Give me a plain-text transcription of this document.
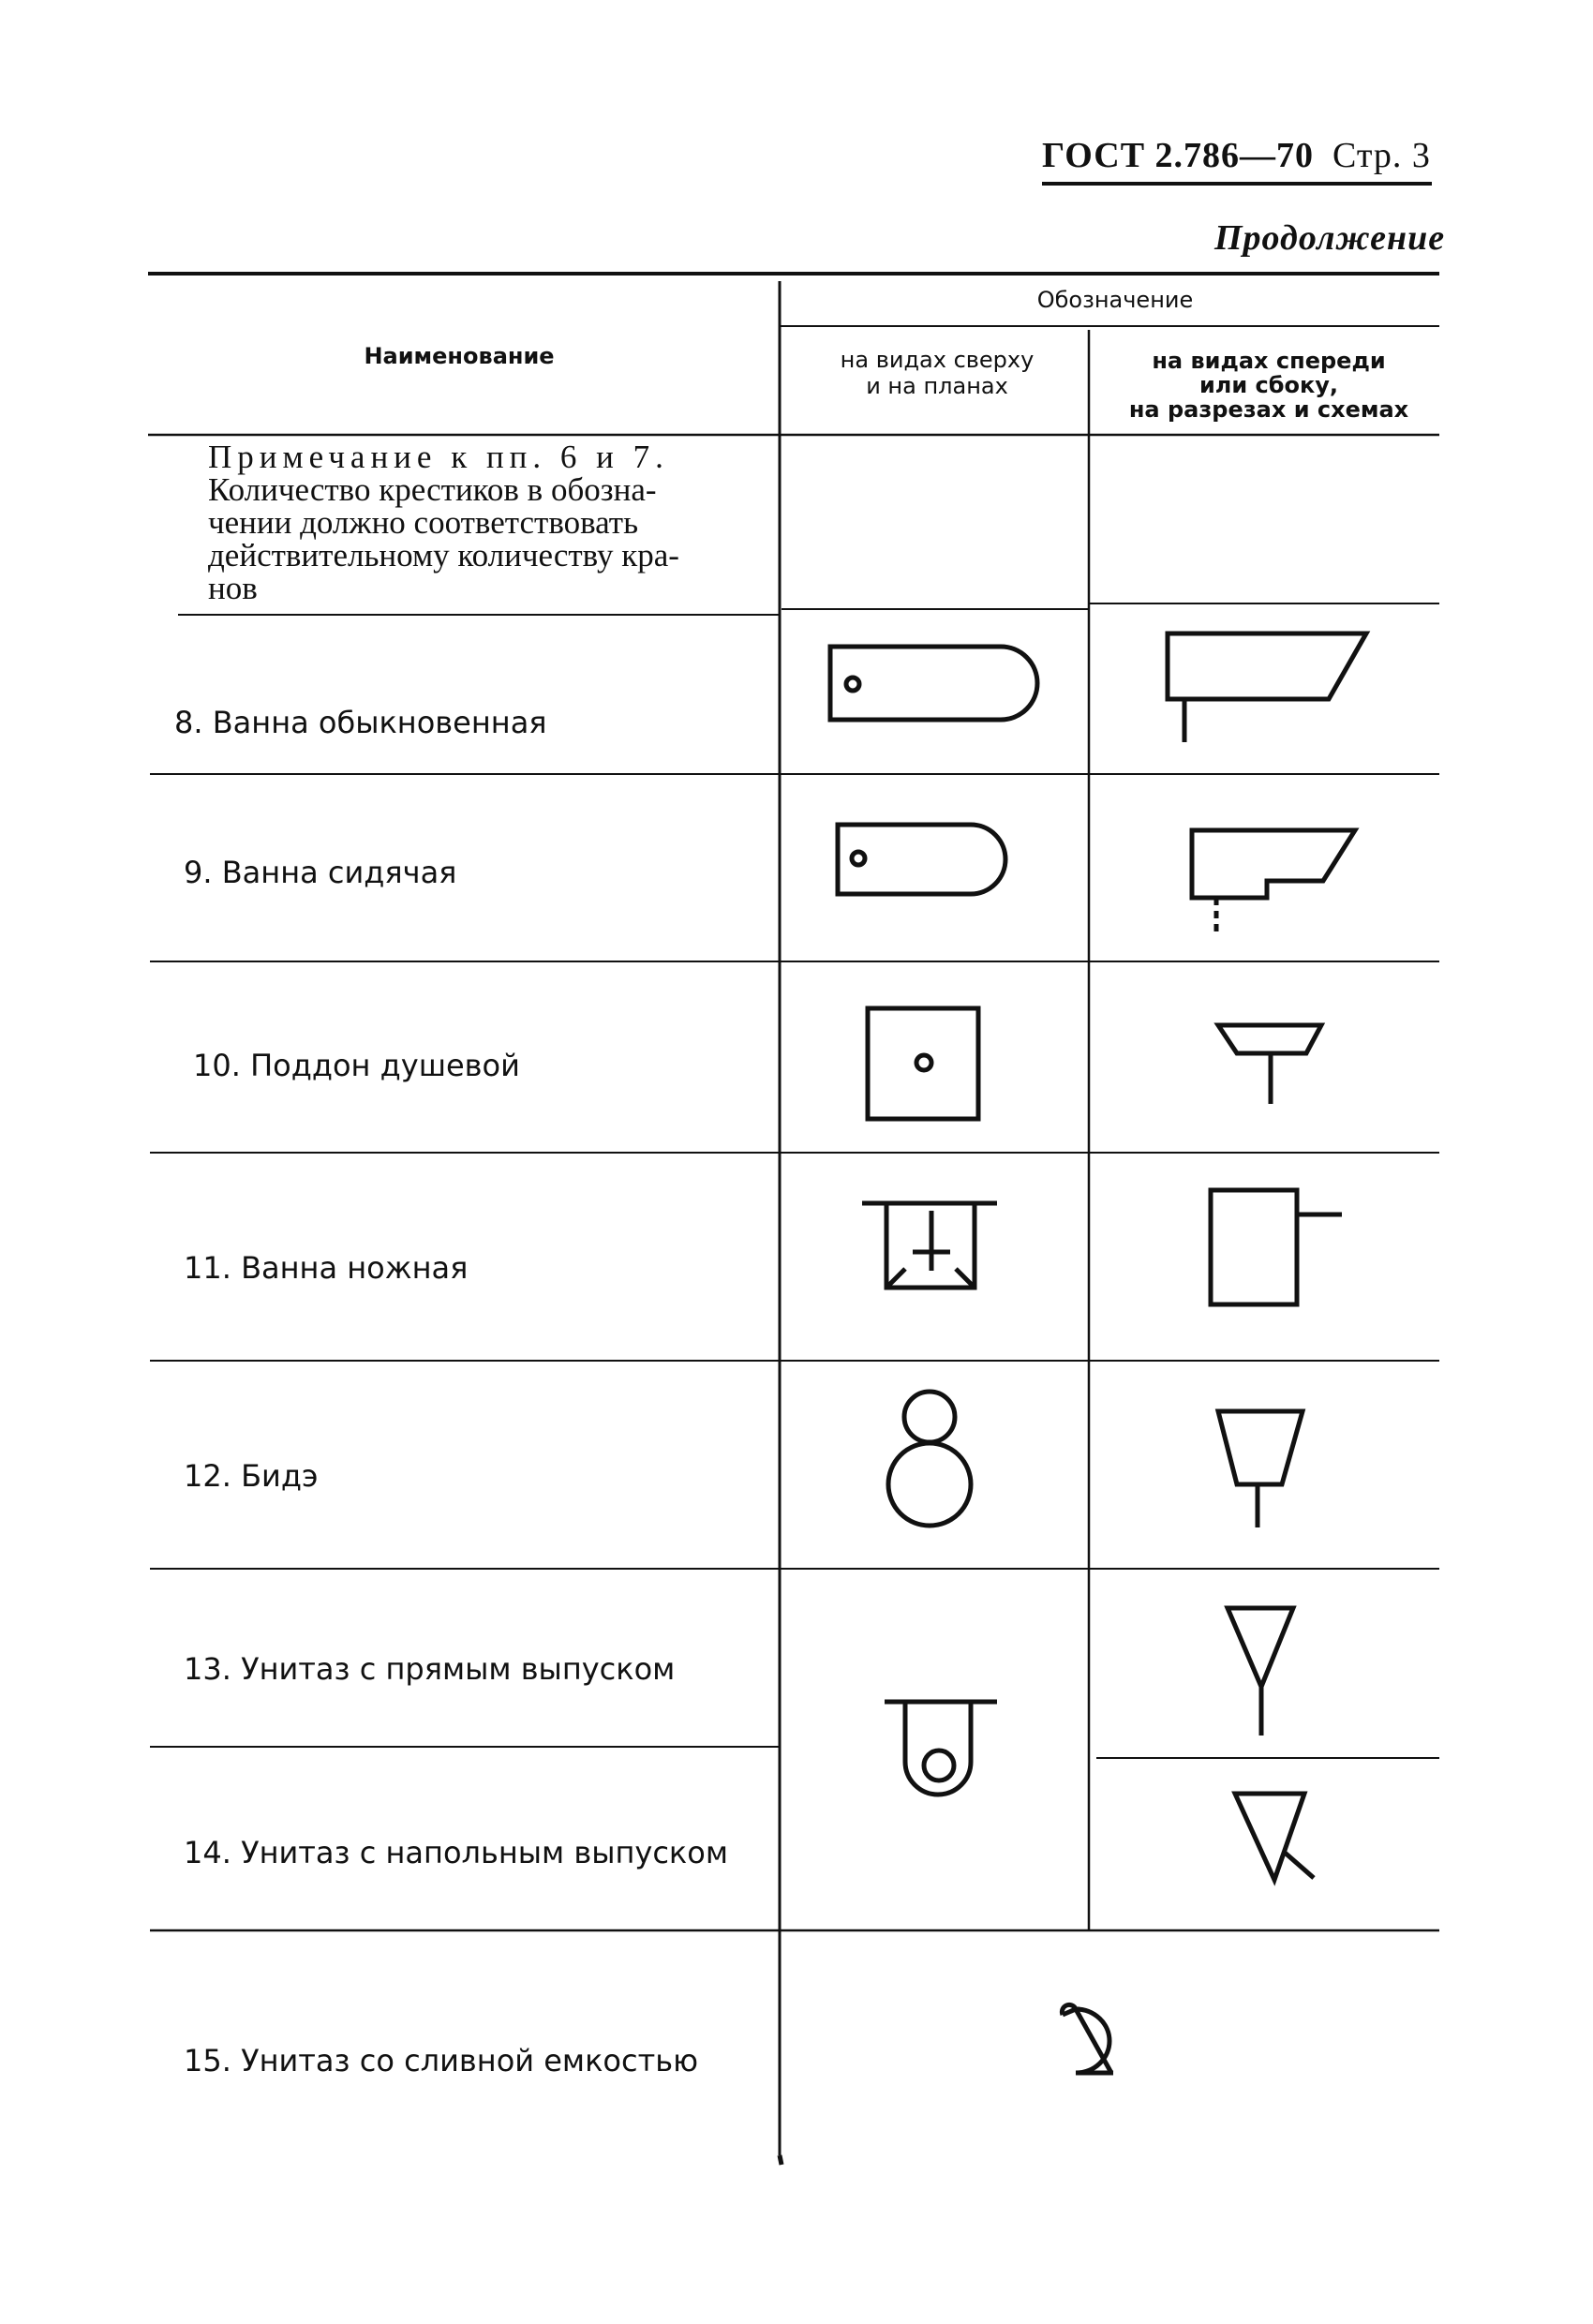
ГОСТ 2.786—70 Стр. 3
Продолжение
Наименование
Обозначение
на видах сверху
и на планах
на видах спереди
или сбоку,
на разрезах и схемах
Примечание к пп. 6 и 7.
Количество крестиков в обозна-
чении должно соответствовать
действительному количеству кра-
нов
8. Ванна обыкновенная
9. Ванна сидячая
10. Поддон душевой
11. Ванна ножная
12. Бидэ
13. Унитаз с прямым выпуском
14. Унитаз с напольным выпуском
15. Унитаз со сливной емкостью
